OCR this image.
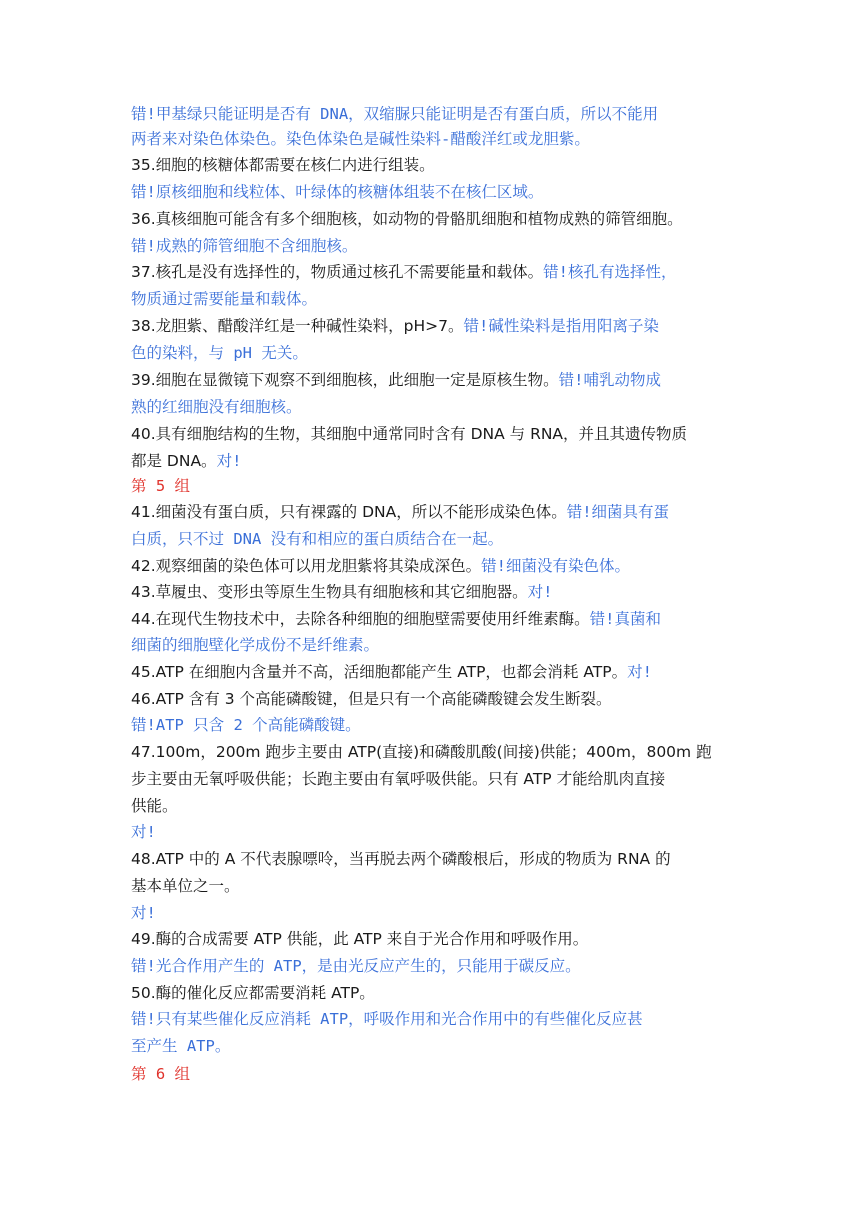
错!甲基绿只能证明是否有 DNA，双缩脲只能证明是否有蛋白质，所以不能用
两者来对染色体染色。染色体染色是碱性染料-醋酸洋红或龙胆紫。
35.细胞的核糖体都需要在核仁内进行组装。
错!原核细胞和线粒体、叶绿体的核糖体组装不在核仁区域。
36.真核细胞可能含有多个细胞核，如动物的骨骼肌细胞和植物成熟的筛管细胞。
错!成熟的筛管细胞不含细胞核。
37.核孔是没有选择性的，物质通过核孔不需要能量和载体。错!核孔有选择性，
物质通过需要能量和载体。
38.龙胆紫、醋酸洋红是一种碱性染料，pH>7。错!碱性染料是指用阳离子染
色的染料，与 pH 无关。
39.细胞在显微镜下观察不到细胞核，此细胞一定是原核生物。错!哺乳动物成
熟的红细胞没有细胞核。
40.具有细胞结构的生物，其细胞中通常同时含有 DNA 与 RNA，并且其遗传物质
都是 DNA。对!
第 5 组
41.细菌没有蛋白质，只有裸露的 DNA，所以不能形成染色体。错!细菌具有蛋
白质，只不过 DNA 没有和相应的蛋白质结合在一起。
42.观察细菌的染色体可以用龙胆紫将其染成深色。错!细菌没有染色体。
43.草履虫、变形虫等原生生物具有细胞核和其它细胞器。对!
44.在现代生物技术中，去除各种细胞的细胞壁需要使用纤维素酶。错!真菌和
细菌的细胞壁化学成份不是纤维素。
45.ATP 在细胞内含量并不高，活细胞都能产生 ATP，也都会消耗 ATP。对!
46.ATP 含有 3 个高能磷酸键，但是只有一个高能磷酸键会发生断裂。
错!ATP 只含 2 个高能磷酸键。
47.100m，200m 跑步主要由 ATP(直接)和磷酸肌酸(间接)供能；400m，800m 跑
步主要由无氧呼吸供能；长跑主要由有氧呼吸供能。只有 ATP 才能给肌肉直接
供能。
对!
48.ATP 中的 A 不代表腺嘌呤，当再脱去两个磷酸根后，形成的物质为 RNA 的
基本单位之一。
对!
49.酶的合成需要 ATP 供能，此 ATP 来自于光合作用和呼吸作用。
错!光合作用产生的 ATP，是由光反应产生的，只能用于碳反应。
50.酶的催化反应都需要消耗 ATP。
错!只有某些催化反应消耗 ATP，呼吸作用和光合作用中的有些催化反应甚
至产生 ATP。
第 6 组
